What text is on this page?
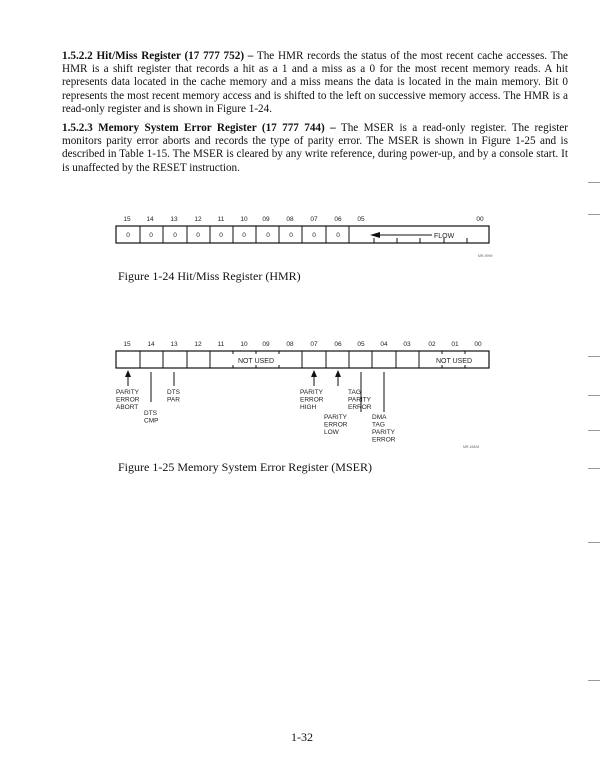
1.5.2.2 Hit/Miss Register (17 777 752) – The HMR records the status of the most recent cache accesses. The HMR is a shift register that records a hit as a 1 and a miss as a 0 for the most recent memory reads. A hit represents data located in the cache memory and a miss means the data is located in the main memory. Bit 0 represents the most recent memory access and is shifted to the left on successive memory access. The HMR is a read-only register and is shown in Figure 1-24.

1.5.2.3 Memory System Error Register (17 777 744) – The MSER is a read-only register. The register monitors parity error aborts and records the type of parity error. The MSER is shown in Figure 1-25 and is described in Table 1-15. The MSER is cleared by any write reference, during power-up, and by a console start. It is unaffected by the RESET instruction.

15 14	13	12 11 10 09	08	07	06 05	00
0	0	0	0	0	0	0	0	0	0	FLOW
MR-9999
Figure 1-24 Hit/Miss Register (HMR)
15	14 13	12 11 10 09	08	07	06 05 04 03	02 01 00
NOT USED	NOT USED
PARITY ERROR ABORT
DTS PAR
DTS CMP
PARITY ERROR HIGH
TAG PARITY ERROR
PARITY ERROR LOW
DMA TAG PARITY ERROR
MR-16834
Figure 1-25 Memory System Error Register (MSER)
1-32
